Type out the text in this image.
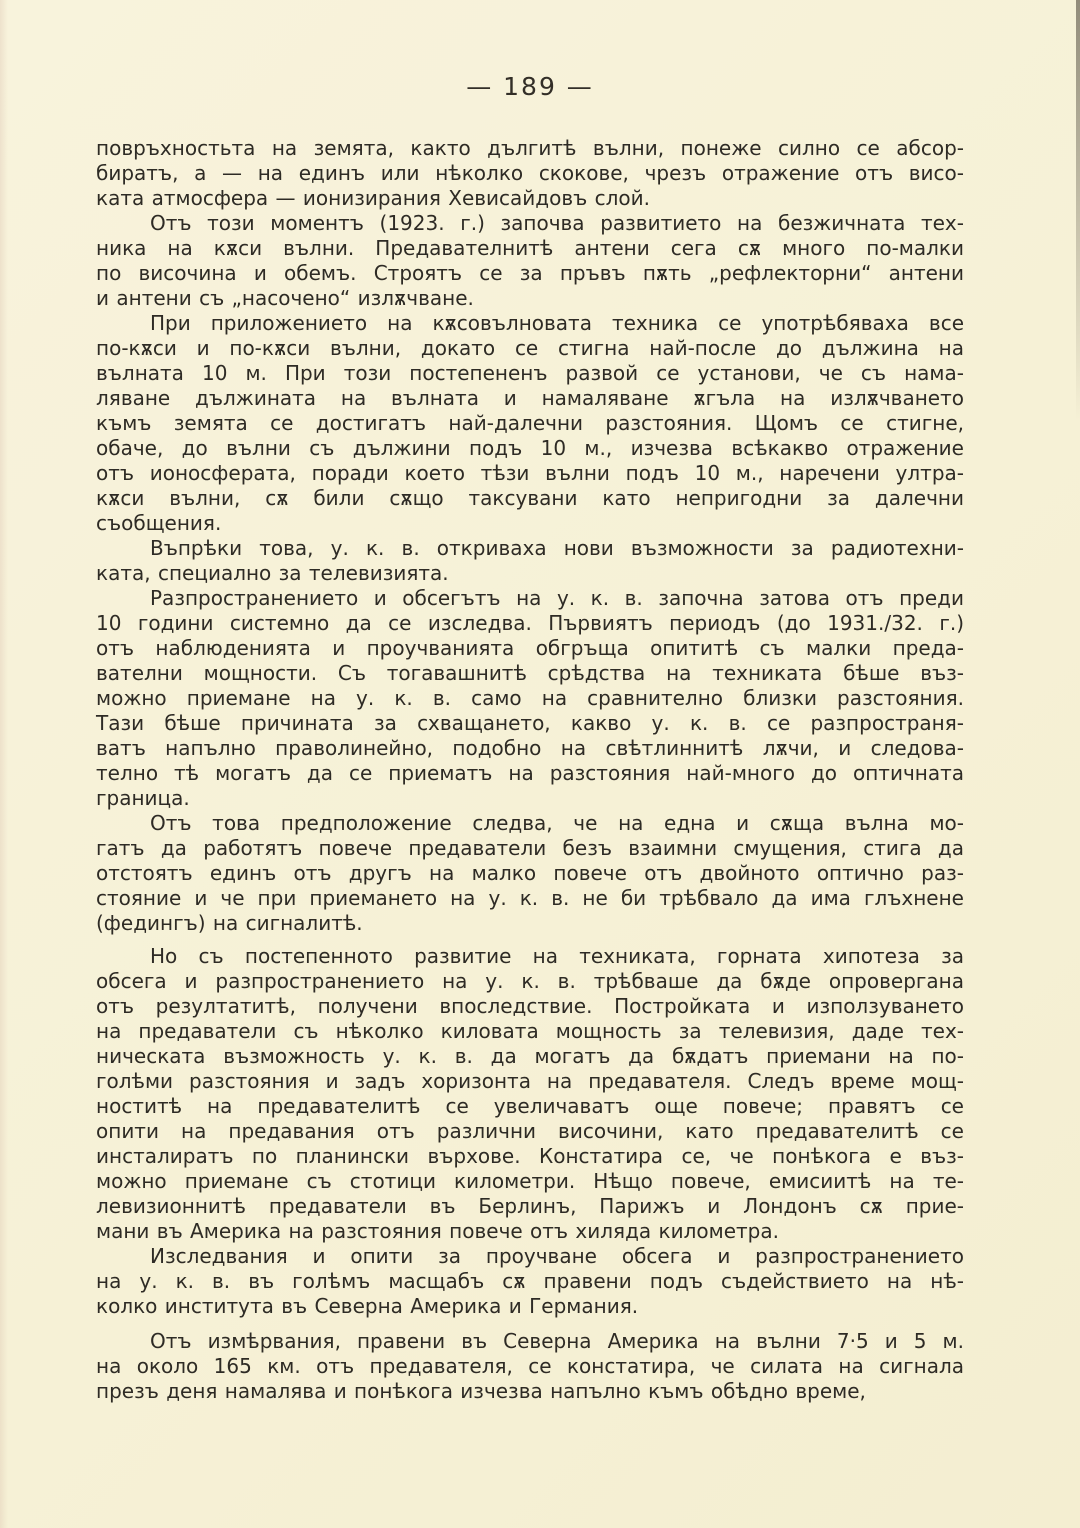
— 189 —
повръхностьта на земята, както дългитѣ вълни, понеже силно се абсор-
биратъ, а — на единъ или нѣколко скокове, чрезъ отражение отъ висо-
ката атмосфера — ионизирания Хевисайдовъ слой.
Отъ този моментъ (1923. г.) започва развитието на безжичната тех-
ника на кѫси вълни. Предавателнитѣ антени сега сѫ много по-малки
по височина и обемъ. Строятъ се за пръвъ пѫть „рефлекторни“ антени
и антени съ „насочено“ излѫчване.
При приложението на кѫсовълновата техника се употрѣбяваха все
по-кѫси и по-кѫси вълни, докато се стигна най-после до дължина на
вълната 10 м. При този постепененъ развой се установи, че съ нама-
ляване дължината на вълната и намаляване ѫгъла на излѫчването
къмъ земята се достигатъ най-далечни разстояния. Щомъ се стигне,
обаче, до вълни съ дължини подъ 10 м., изчезва всѣкакво отражение
отъ ионосферата, поради което тѣзи вълни подъ 10 м., наречени ултра-
кѫси вълни, сѫ били сѫщо таксувани като непригодни за далечни
съобщения.
Въпрѣки това, у. к. в. откриваха нови възможности за радиотехни-
ката, специално за телевизията.
Разпространението и обсегътъ на у. к. в. започна затова отъ преди
10 години системно да се изследва. Първиятъ периодъ (до 1931./32. г.)
отъ наблюденията и проучванията обгръща опититѣ съ малки преда-
вателни мощности. Съ тогавашнитѣ срѣдства на техниката бѣше въз-
можно приемане на у. к. в. само на сравнително близки разстояния.
Тази бѣше причината за схващането, какво у. к. в. се разпространя-
ватъ напълно праволинейно, подобно на свѣтлиннитѣ лѫчи, и следова-
телно тѣ могатъ да се приематъ на разстояния най-много до оптичната
граница.
Отъ това предположение следва, че на една и сѫща вълна мо-
гатъ да работятъ повече предаватели безъ взаимни смущения, стига да
отстоятъ единъ отъ другъ на малко повече отъ двойното оптично раз-
стояние и че при приемането на у. к. в. не би трѣбвало да има глъхнене
(федингъ) на сигналитѣ.
Но съ постепенното развитие на техниката, горната хипотеза за
обсега и разпространението на у. к. в. трѣбваше да бѫде опровергана
отъ резултатитѣ, получени впоследствие. Постройката и използуването
на предаватели съ нѣколко киловата мощность за телевизия, даде тех-
ническата възможность у. к. в. да могатъ да бѫдатъ приемани на по-
голѣми разстояния и задъ хоризонта на предавателя. Следъ време мощ-
ноститѣ на предавателитѣ се увеличаватъ още повече; правятъ се
опити на предавания отъ различни височини, като предавателитѣ се
инсталиратъ по планински върхове. Констатира се, че понѣкога е въз-
можно приемане съ стотици километри. Нѣщо повече, емисиитѣ на те-
левизионнитѣ предаватели въ Берлинъ, Парижъ и Лондонъ сѫ прие-
мани въ Америка на разстояния повече отъ хиляда километра.
Изследвания и опити за проучване обсега и разпространението
на у. к. в. въ голѣмъ масщабъ сѫ правени подъ съдействието на нѣ-
колко института въ Северна Америка и Германия.
Отъ измѣрвания, правени въ Северна Америка на вълни 7·5 и 5 м.
на около 165 км. отъ предавателя, се констатира, че силата на сигнала
презъ деня намалява и понѣкога изчезва напълно къмъ обѣдно време,
